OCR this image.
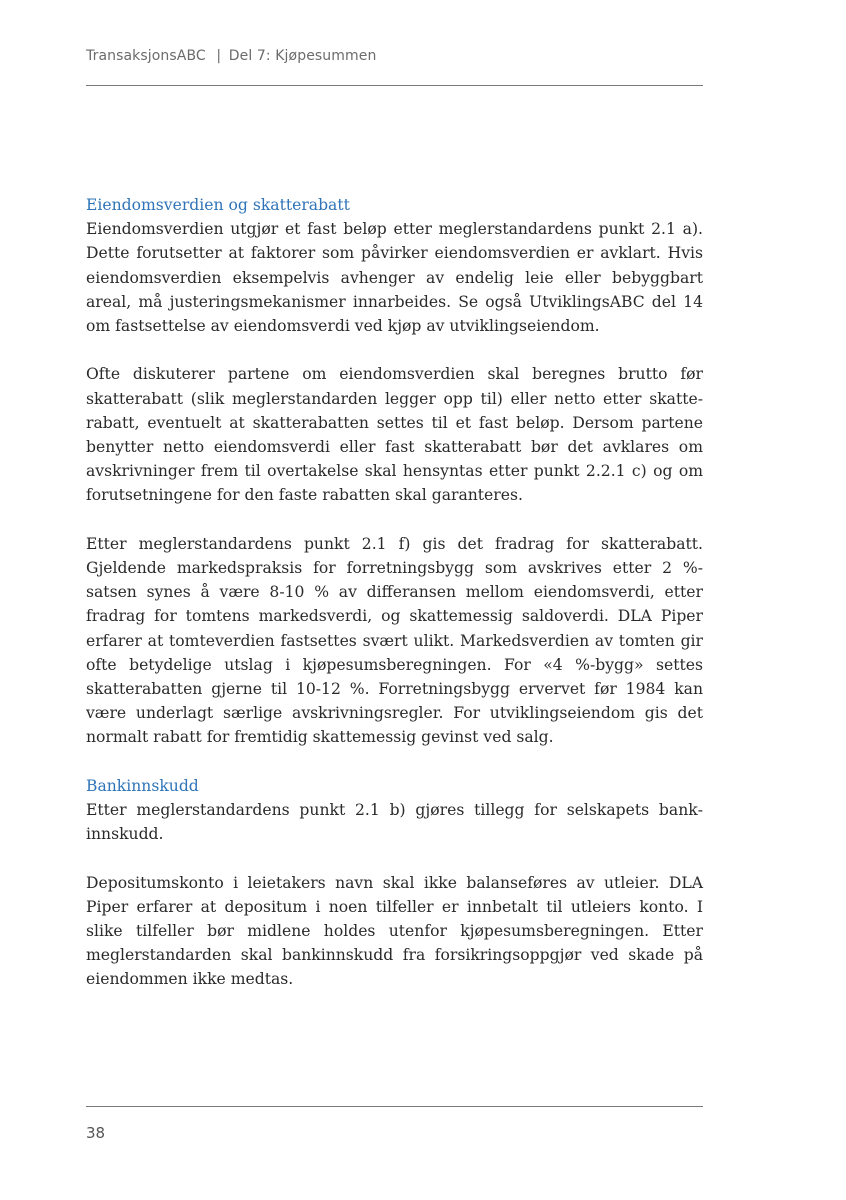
TransaksjonsABC | Del 7: Kjøpesummen
Eiendomsverdien og skatterabatt

Eiendomsverdien utgjør et fast beløp etter meglerstandardens punkt 2.1 a). Dette forutsetter at faktorer som påvirker eiendomsverdien er avklart. Hvis eiendomsverdien eksempelvis avhenger av endelig leie eller bebyggbart areal, må justeringsmekanismer innarbeides. Se også UtviklingsABC del 14 om fastsettelse av eiendomsverdi ved kjøp av utviklingseiendom.

Ofte diskuterer partene om eiendomsverdien skal beregnes brutto før skatterabatt (slik meglerstandarden legger opp til) eller netto etter skatterabatt, eventuelt at skatterabatten settes til et fast beløp. Dersom partene benytter netto eiendomsverdi eller fast skatterabatt bør det avklares om avskrivninger frem til overtakelse skal hensyntas etter punkt 2.2.1 c) og om forutsetningene for den faste rabatten skal garanteres.

Etter meglerstandardens punkt 2.1 f) gis det fradrag for skatterabatt. Gjeldende markedspraksis for forretningsbygg som avskrives etter 2 %-satsen synes å være 8-10 % av differansen mellom eiendomsverdi, etter fradrag for tomtens markedsverdi, og skattemessig saldoverdi. DLA Piper erfarer at tomteverdien fastsettes svært ulikt. Markedsverdien av tomten gir ofte betydelige utslag i kjøpesumsberegningen. For «4 %-bygg» settes skatterabatten gjerne til 10-12 %. Forretningsbygg ervervet før 1984 kan være underlagt særlige avskrivningsregler. For utviklingseiendom gis det normalt rabatt for fremtidig skattemessig gevinst ved salg.

Bankinnskudd

Etter meglerstandardens punkt 2.1 b) gjøres tillegg for selskapets bankinnskudd.

Depositumskonto i leietakers navn skal ikke balanseføres av utleier. DLA Piper erfarer at depositum i noen tilfeller er innbetalt til utleiers konto. I slike tilfeller bør midlene holdes utenfor kjøpesumsberegningen. Etter meglerstandarden skal bankinnskudd fra forsikringsoppgjør ved skade på eiendommen ikke medtas.

38
